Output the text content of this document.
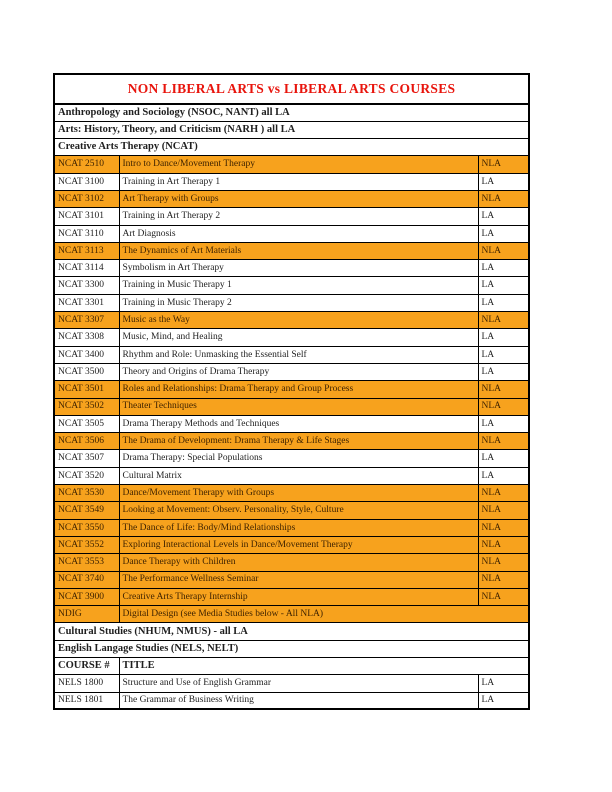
NON LIBERAL ARTS vs LIBERAL ARTS COURSES		
Anthropology and Sociology (NSOC, NANT) all LA		
Arts: History, Theory, and Criticism (NARH ) all LA		
Creative Arts Therapy (NCAT)		
NCAT 2510	Intro to Dance/Movement Therapy	NLA
NCAT 3100	Training in Art Therapy 1	LA
NCAT 3102	Art Therapy with Groups	NLA
NCAT 3101	Training in Art Therapy 2	LA
NCAT 3110	Art Diagnosis	LA
NCAT 3113	The Dynamics of Art Materials	NLA
NCAT 3114	Symbolism in Art Therapy	LA
NCAT 3300	Training in Music Therapy 1	LA
NCAT 3301	Training in Music Therapy 2	LA
NCAT 3307	Music as the Way	NLA
NCAT 3308	Music, Mind, and Healing	LA
NCAT 3400	Rhythm and Role: Unmasking the Essential Self	LA
NCAT 3500	Theory and Origins of Drama Therapy	LA
NCAT 3501	Roles and Relationships: Drama Therapy and Group Process	NLA
NCAT 3502	Theater Techniques	NLA
NCAT 3505	Drama Therapy Methods and Techniques	LA
NCAT 3506	The Drama of Development: Drama Therapy & Life Stages	NLA
NCAT 3507	Drama Therapy: Special Populations	LA
NCAT 3520	Cultural Matrix	LA
NCAT 3530	Dance/Movement Therapy with Groups	NLA
NCAT 3549	Looking at Movement: Observ. Personality, Style, Culture	NLA
NCAT 3550	The Dance of Life: Body/Mind Relationships	NLA
NCAT 3552	Exploring Interactional Levels in Dance/Movement Therapy	NLA
NCAT 3553	Dance Therapy with Children	NLA
NCAT 3740	The Performance Wellness Seminar	NLA
NCAT 3900	Creative Arts Therapy Internship	NLA
NDIG	Digital Design (see Media Studies below - All NLA)	
Cultural Studies (NHUM, NMUS) - all LA		
English Langage Studies (NELS, NELT)		
COURSE #	TITLE	
NELS 1800	Structure and Use of English Grammar	LA
NELS 1801	The Grammar of Business Writing	LA
